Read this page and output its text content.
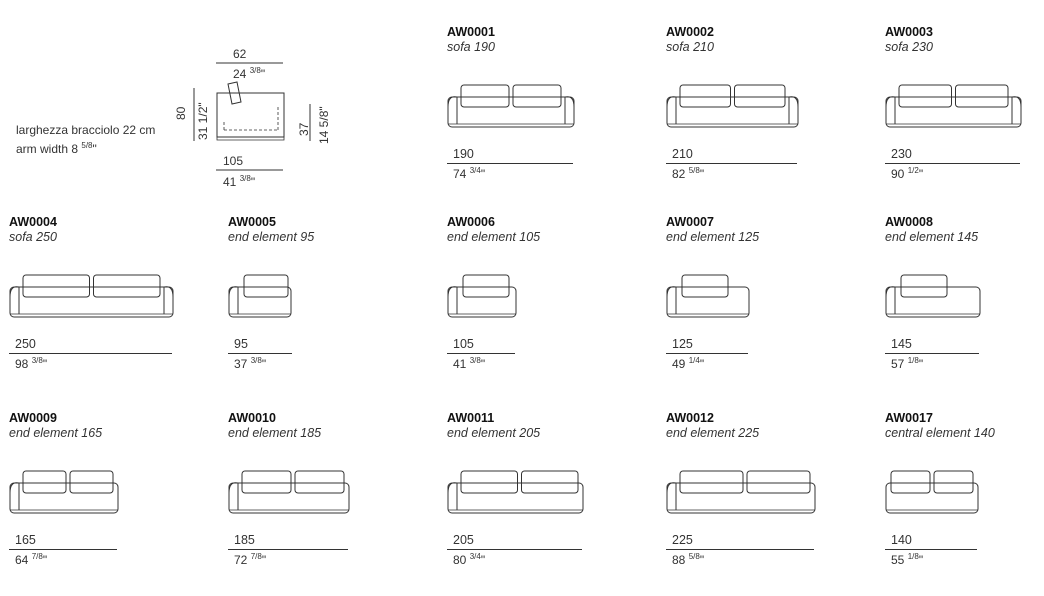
62
24 $^{3/8}$"
80 31 1/2"	37 14 5/8"
105
41 $^{3/8}$"
larghezza bracciolo 22 cm
arm width 8 $^{5/8}$"
AW0001
sofa 190
190
74 $^{3/4}$"
AW0002
sofa 210
210
82 $^{5/8}$"
AW0003
sofa 230
230
90 $^{1/2}$"
AW0004
sofa 250
250
98 $^{3/8}$"
AW0005
end element 95
95
37 $^{3/8}$"
AW0006
end element 105
105
41 $^{3/8}$"
AW0007
end element 125
125
49 $^{1/4}$"
AW0008
end element 145
145
57 $^{1/8}$"
AW0009
end element 165
165
64 $^{7/8}$"
AW0010
end element 185
185
72 $^{7/8}$"
AW0011
end element 205
205
80 $^{3/4}$"
AW0012
end element 225
225
88 $^{5/8}$"
AW0017
central element 140
140
55 $^{1/8}$"
